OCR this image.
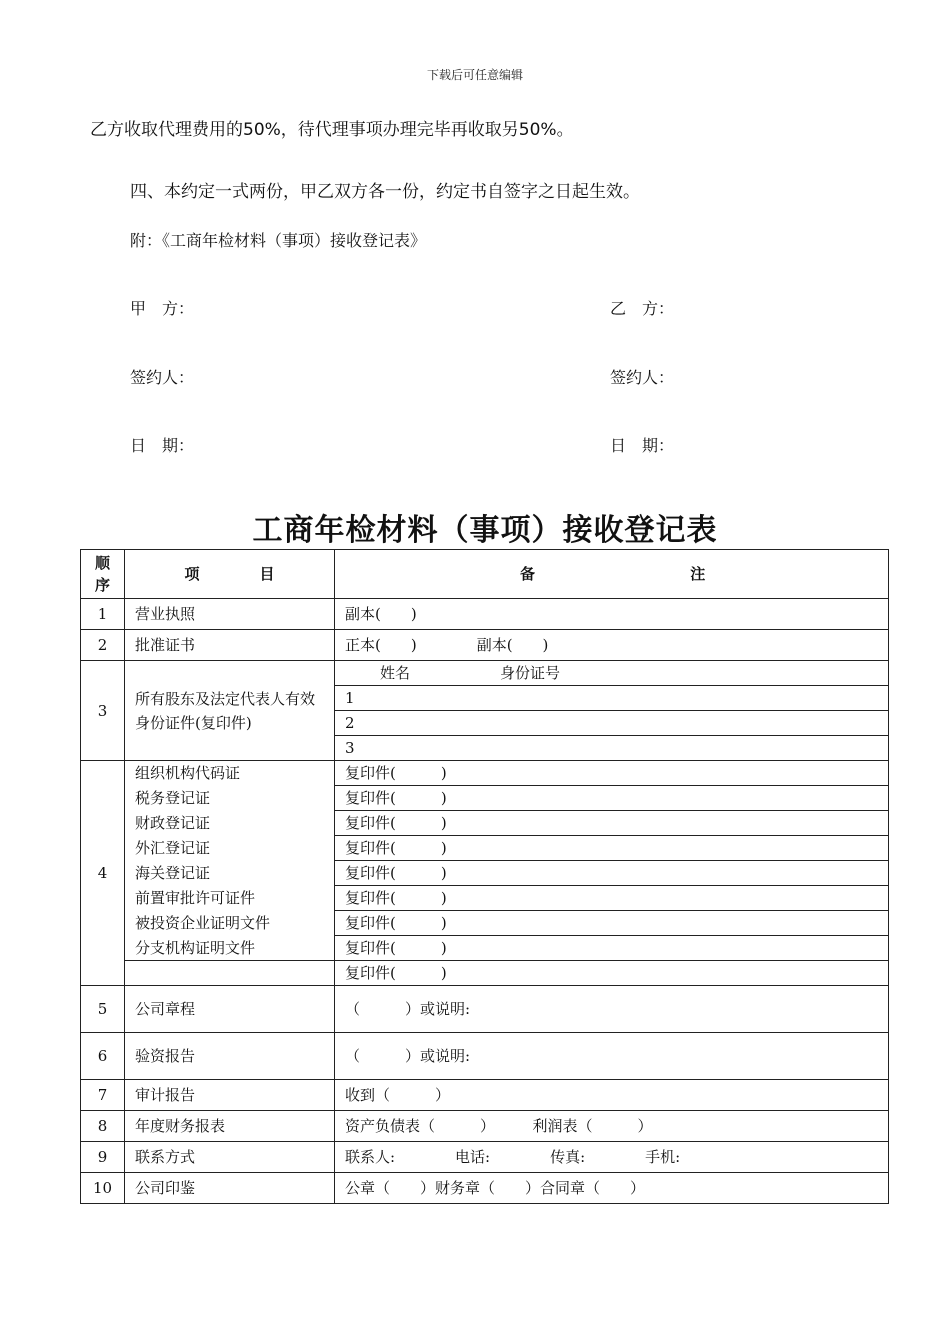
下载后可任意编辑
乙方收取代理费用的50%，待代理事项办理完毕再收取另50%。
四、本约定一式两份，甲乙双方各一份，约定书自签字之日起生效。
附：《工商年检材料（事项）接收登记表》
甲　方：	乙　方：
签约人：	签约人：
日　期：	日　期：
工商年检材料（事项）接收登记表
顺序	项　　　　目	备 注
1	营业执照	副本(　　)
2	批准证书	正本(　　)　　　　副本(　　)
3	所有股东及法定代表人有效身份证件(复印件)	姓名　　　　　　身份证号
		1
		2
		3
4	组织机构代码证	复印件(　　　)
	税务登记证	复印件(　　　)
	财政登记证	复印件(　　　)
	外汇登记证	复印件(　　　)
	海关登记证	复印件(　　　)
	前置审批许可证件	复印件(　　　)
	被投资企业证明文件	复印件(　　　)
	分支机构证明文件	复印件(　　　)
		复印件(　　　)
5	公司章程	（　　　）或说明:
6	验资报告	（　　　）或说明:
7	审计报告	收到（　　　）
8	年度财务报表	资产负债表（　　　）　　　利润表（　　　）
9	联系方式	联系人:　　　　电话:　　　　传真:　　　　手机:
10	公司印鉴	公章（　　）财务章（　　）合同章（　　）
